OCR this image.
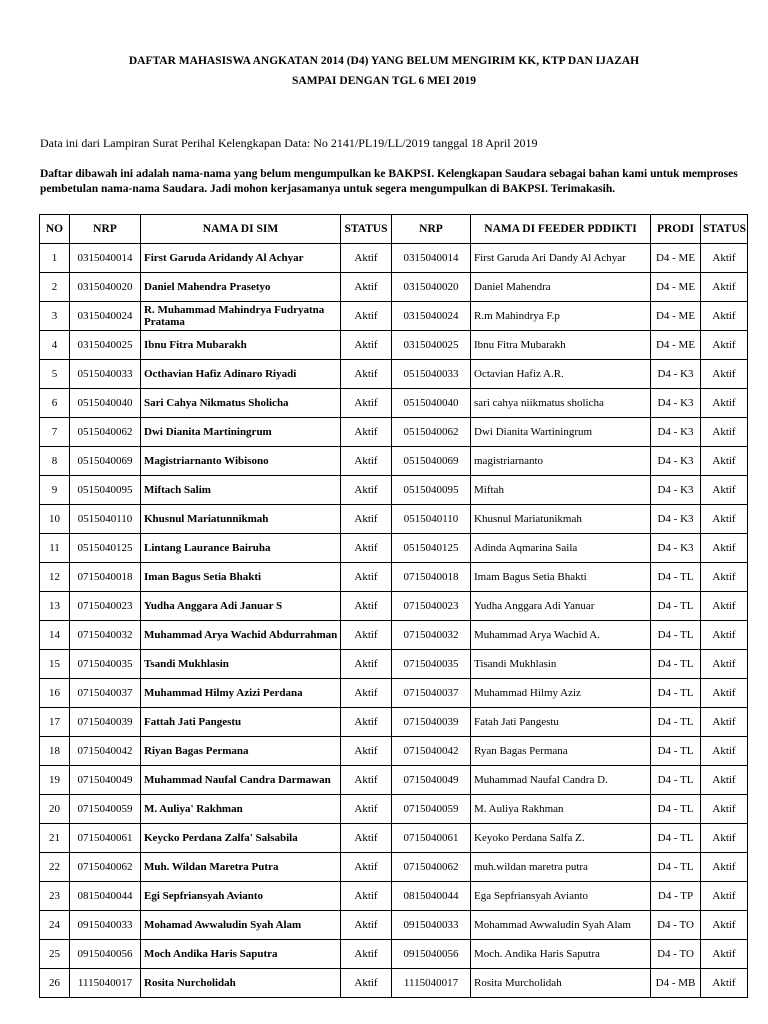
DAFTAR MAHASISWA ANGKATAN 2014 (D4) YANG BELUM MENGIRIM KK, KTP DAN IJAZAH
SAMPAI DENGAN TGL 6 MEI 2019
Data ini dari Lampiran Surat Perihal Kelengkapan Data: No 2141/PL19/LL/2019 tanggal 18 April 2019
Daftar dibawah ini adalah nama-nama yang belum mengumpulkan ke BAKPSI. Kelengkapan Saudara sebagai bahan kami untuk memproses pembetulan nama-nama Saudara. Jadi mohon kerjasamanya untuk segera mengumpulkan di BAKPSI. Terimakasih.
NO	NRP	NAMA DI SIM	STATUS	NRP	NAMA DI FEEDER PDDIKTI	PRODI	STATUS
1	0315040014	First Garuda Aridandy Al Achyar	Aktif	0315040014	First Garuda Ari Dandy Al Achyar	D4 - ME	Aktif
2	0315040020	Daniel Mahendra Prasetyo	Aktif	0315040020	Daniel Mahendra	D4 - ME	Aktif
3	0315040024	R. Muhammad Mahindrya Fudryatna Pratama	Aktif	0315040024	R.m Mahindrya F.p	D4 - ME	Aktif
4	0315040025	Ibnu Fitra Mubarakh	Aktif	0315040025	Ibnu Fitra Mubarakh	D4 - ME	Aktif
5	0515040033	Octhavian Hafiz Adinaro Riyadi	Aktif	0515040033	Octavian Hafiz A.R.	D4 - K3	Aktif
6	0515040040	Sari Cahya Nikmatus Sholicha	Aktif	0515040040	sari cahya niikmatus sholicha	D4 - K3	Aktif
7	0515040062	Dwi Dianita Martiningrum	Aktif	0515040062	Dwi Dianita Wartiningrum	D4 - K3	Aktif
8	0515040069	Magistriarnanto Wibisono	Aktif	0515040069	magistriarnanto	D4 - K3	Aktif
9	0515040095	Miftach Salim	Aktif	0515040095	Miftah	D4 - K3	Aktif
10	0515040110	Khusnul Mariatunnikmah	Aktif	0515040110	Khusnul Mariatunikmah	D4 - K3	Aktif
11	0515040125	Lintang Laurance Bairuha	Aktif	0515040125	Adinda Aqmarina Saila	D4 - K3	Aktif
12	0715040018	Iman Bagus Setia Bhakti	Aktif	0715040018	Imam Bagus Setia Bhakti	D4 - TL	Aktif
13	0715040023	Yudha Anggara Adi Januar S	Aktif	0715040023	Yudha Anggara Adi Yanuar	D4 - TL	Aktif
14	0715040032	Muhammad Arya Wachid Abdurrahman	Aktif	0715040032	Muhammad Arya Wachid A.	D4 - TL	Aktif
15	0715040035	Tsandi Mukhlasin	Aktif	0715040035	Tisandi Mukhlasin	D4 - TL	Aktif
16	0715040037	Muhammad Hilmy Azizi Perdana	Aktif	0715040037	Muhammad Hilmy Aziz	D4 - TL	Aktif
17	0715040039	Fattah Jati Pangestu	Aktif	0715040039	Fatah Jati Pangestu	D4 - TL	Aktif
18	0715040042	Riyan Bagas Permana	Aktif	0715040042	Ryan Bagas Permana	D4 - TL	Aktif
19	0715040049	Muhammad Naufal Candra Darmawan	Aktif	0715040049	Muhammad Naufal Candra D.	D4 - TL	Aktif
20	0715040059	M. Auliya' Rakhman	Aktif	0715040059	M. Auliya Rakhman	D4 - TL	Aktif
21	0715040061	Keycko Perdana Zalfa' Salsabila	Aktif	0715040061	Keyoko Perdana Salfa Z.	D4 - TL	Aktif
22	0715040062	Muh. Wildan Maretra Putra	Aktif	0715040062	muh.wildan maretra putra	D4 - TL	Aktif
23	0815040044	Egi Sepfriansyah Avianto	Aktif	0815040044	Ega Sepfriansyah Avianto	D4 - TP	Aktif
24	0915040033	Mohamad Awwaludin Syah Alam	Aktif	0915040033	Mohammad Awwaludin Syah Alam	D4 - TO	Aktif
25	0915040056	Moch Andika Haris Saputra	Aktif	0915040056	Moch. Andika Haris Saputra	D4 - TO	Aktif
26	1115040017	Rosita Nurcholidah	Aktif	1115040017	Rosita Murcholidah	D4 - MB	Aktif
